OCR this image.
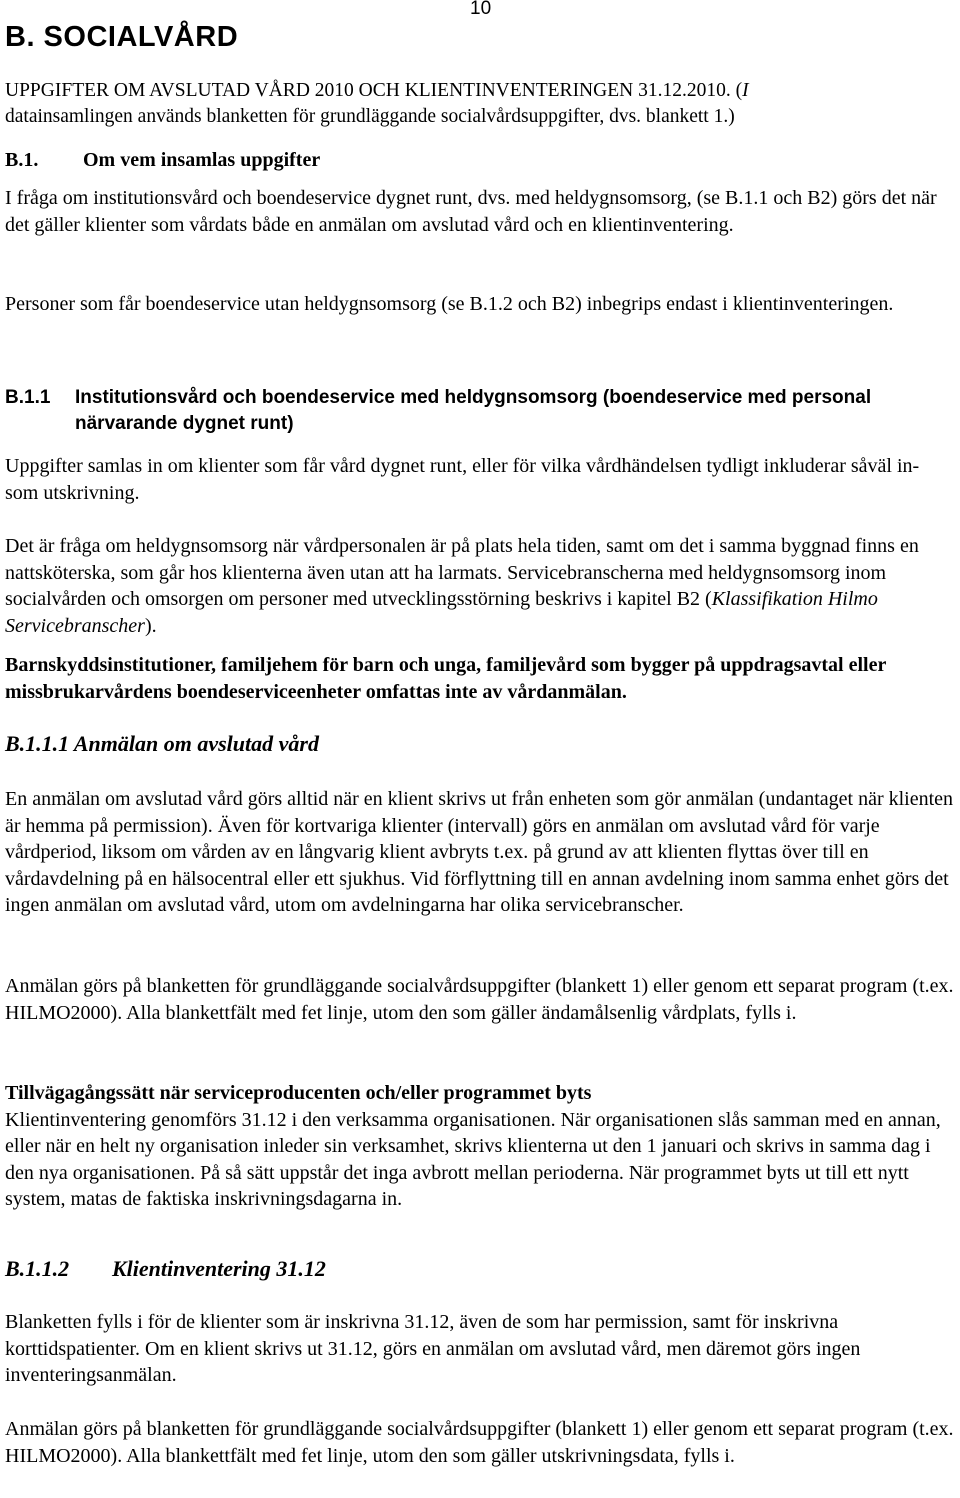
10
B. SOCIALVÅRD

UPPGIFTER OM AVSLUTAD VÅRD 2010 OCH KLIENTINVENTERINGEN 31.12.2010. (I
datainsamlingen används blanketten för grundläggande socialvårdsuppgifter, dvs. blankett 1.)

B.1. Om vem insamlas uppgifter

I fråga om institutionsvård och boendeservice dygnet runt, dvs. med heldygnsomsorg, (se B.1.1 och B2) görs det när det gäller klienter som vårdats både en anmälan om avslutad vård och en klientinventering.

Personer som får boendeservice utan heldygnsomsorg (se B.1.2 och B2) inbegrips endast i klientinventeringen.

B.1.1 Institutionsvård och boendeservice med heldygnsomsorg (boendeservice med personal närvarande dygnet runt)

Uppgifter samlas in om klienter som får vård dygnet runt, eller för vilka vårdhändelsen tydligt inkluderar såväl in- som utskrivning.

Det är fråga om heldygnsomsorg när vårdpersonalen är på plats hela tiden, samt om det i samma byggnad finns en nattsköterska, som går hos klienterna även utan att ha larmats. Servicebranscherna med heldygnsomsorg inom socialvården och omsorgen om personer med utvecklingsstörning beskrivs i kapitel B2 (Klassifikation Hilmo Servicebranscher).

Barnskyddsinstitutioner, familjehem för barn och unga, familjevård som bygger på uppdragsavtal eller missbrukarvårdens boendeserviceenheter omfattas inte av vårdanmälan.

B.1.1.1 Anmälan om avslutad vård

En anmälan om avslutad vård görs alltid när en klient skrivs ut från enheten som gör anmälan (undantaget när klienten är hemma på permission). Även för kortvariga klienter (intervall) görs en anmälan om avslutad vård för varje vårdperiod, liksom om vården av en långvarig klient avbryts t.ex. på grund av att klienten flyttas över till en vårdavdelning på en hälsocentral eller ett sjukhus. Vid förflyttning till en annan avdelning inom samma enhet görs det ingen anmälan om avslutad vård, utom om avdelningarna har olika servicebranscher.

Anmälan görs på blanketten för grundläggande socialvårdsuppgifter (blankett 1) eller genom ett separat program (t.ex. HILMO2000). Alla blankettfält med fet linje, utom den som gäller ändamålsenlig vårdplats, fylls i.

Tillvägagångssätt när serviceproducenten och/eller programmet byts
Klientinventering genomförs 31.12 i den verksamma organisationen. När organisationen slås samman med en annan, eller när en helt ny organisation inleder sin verksamhet, skrivs klienterna ut den 1 januari och skrivs in samma dag i den nya organisationen. På så sätt uppstår det inga avbrott mellan perioderna. När programmet byts ut till ett nytt system, matas de faktiska inskrivningsdagarna in.
B.1.1.2 Klientinventering 31.12

Blanketten fylls i för de klienter som är inskrivna 31.12, även de som har permission, samt för inskrivna korttidspatienter. Om en klient skrivs ut 31.12, görs en anmälan om avslutad vård, men däremot görs ingen inventeringsanmälan.

Anmälan görs på blanketten för grundläggande socialvårdsuppgifter (blankett 1) eller genom ett separat program (t.ex. HILMO2000). Alla blankettfält med fet linje, utom den som gäller utskrivningsdata, fylls i.
